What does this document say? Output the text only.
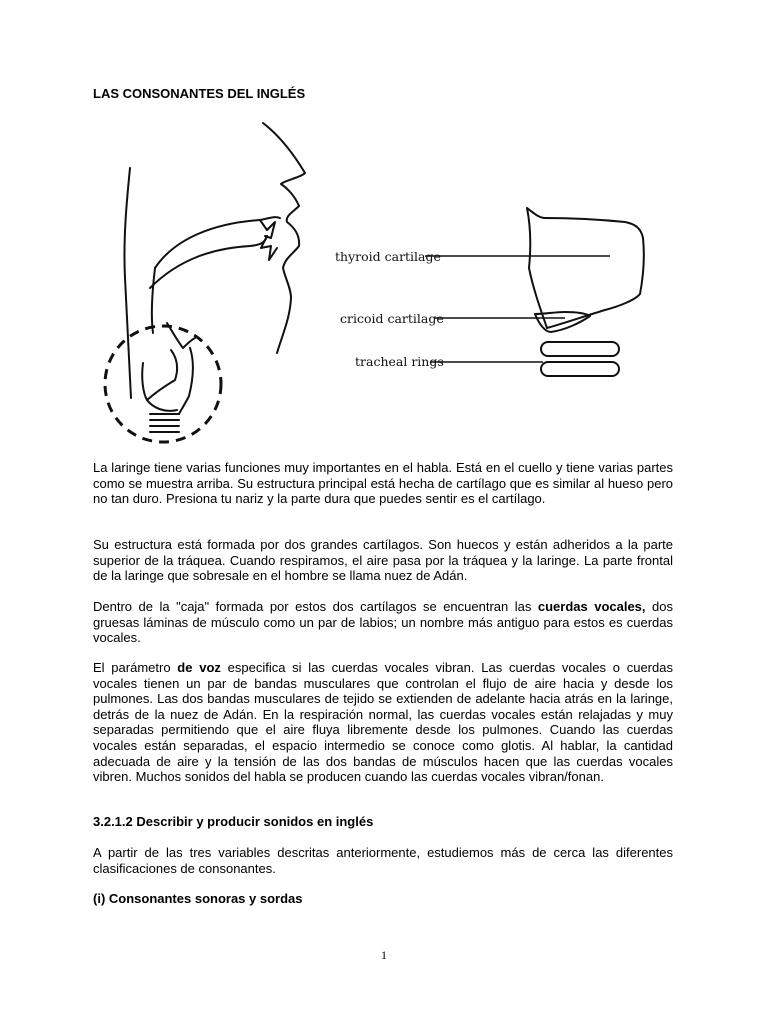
LAS CONSONANTES DEL INGLÉS
thyroid cartilage
cricoid cartilage
tracheal rings

La laringe tiene varias funciones muy importantes en el habla. Está en el cuello y tiene varias partes como se muestra arriba. Su estructura principal está hecha de cartílago que es similar al hueso pero no tan duro. Presiona tu nariz y la parte dura que puedes sentir es el cartílago.

Su estructura está formada por dos grandes cartílagos. Son huecos y están adheridos a la parte superior de la tráquea. Cuando respiramos, el aire pasa por la tráquea y la laringe. La parte frontal de la laringe que sobresale en el hombre se llama nuez de Adán.

Dentro de la "caja" formada por estos dos cartílagos se encuentran las cuerdas vocales, dos gruesas láminas de músculo como un par de labios; un nombre más antiguo para estos es cuerdas vocales.

El parámetro de voz especifica si las cuerdas vocales vibran. Las cuerdas vocales o cuerdas vocales tienen un par de bandas musculares que controlan el flujo de aire hacia y desde los pulmones. Las dos bandas musculares de tejido se extienden de adelante hacia atrás en la laringe, detrás de la nuez de Adán. En la respiración normal, las cuerdas vocales están relajadas y muy separadas permitiendo que el aire fluya libremente desde los pulmones. Cuando las cuerdas vocales están separadas, el espacio intermedio se conoce como glotis. Al hablar, la cantidad adecuada de aire y la tensión de las dos bandas de músculos hacen que las cuerdas vocales vibren. Muchos sonidos del habla se producen cuando las cuerdas vocales vibran/fonan.

3.2.1.2 Describir y producir sonidos en inglés
A partir de las tres variables descritas anteriormente, estudiemos más de cerca las diferentes clasificaciones de consonantes.
(i) Consonantes sonoras y sordas
1
